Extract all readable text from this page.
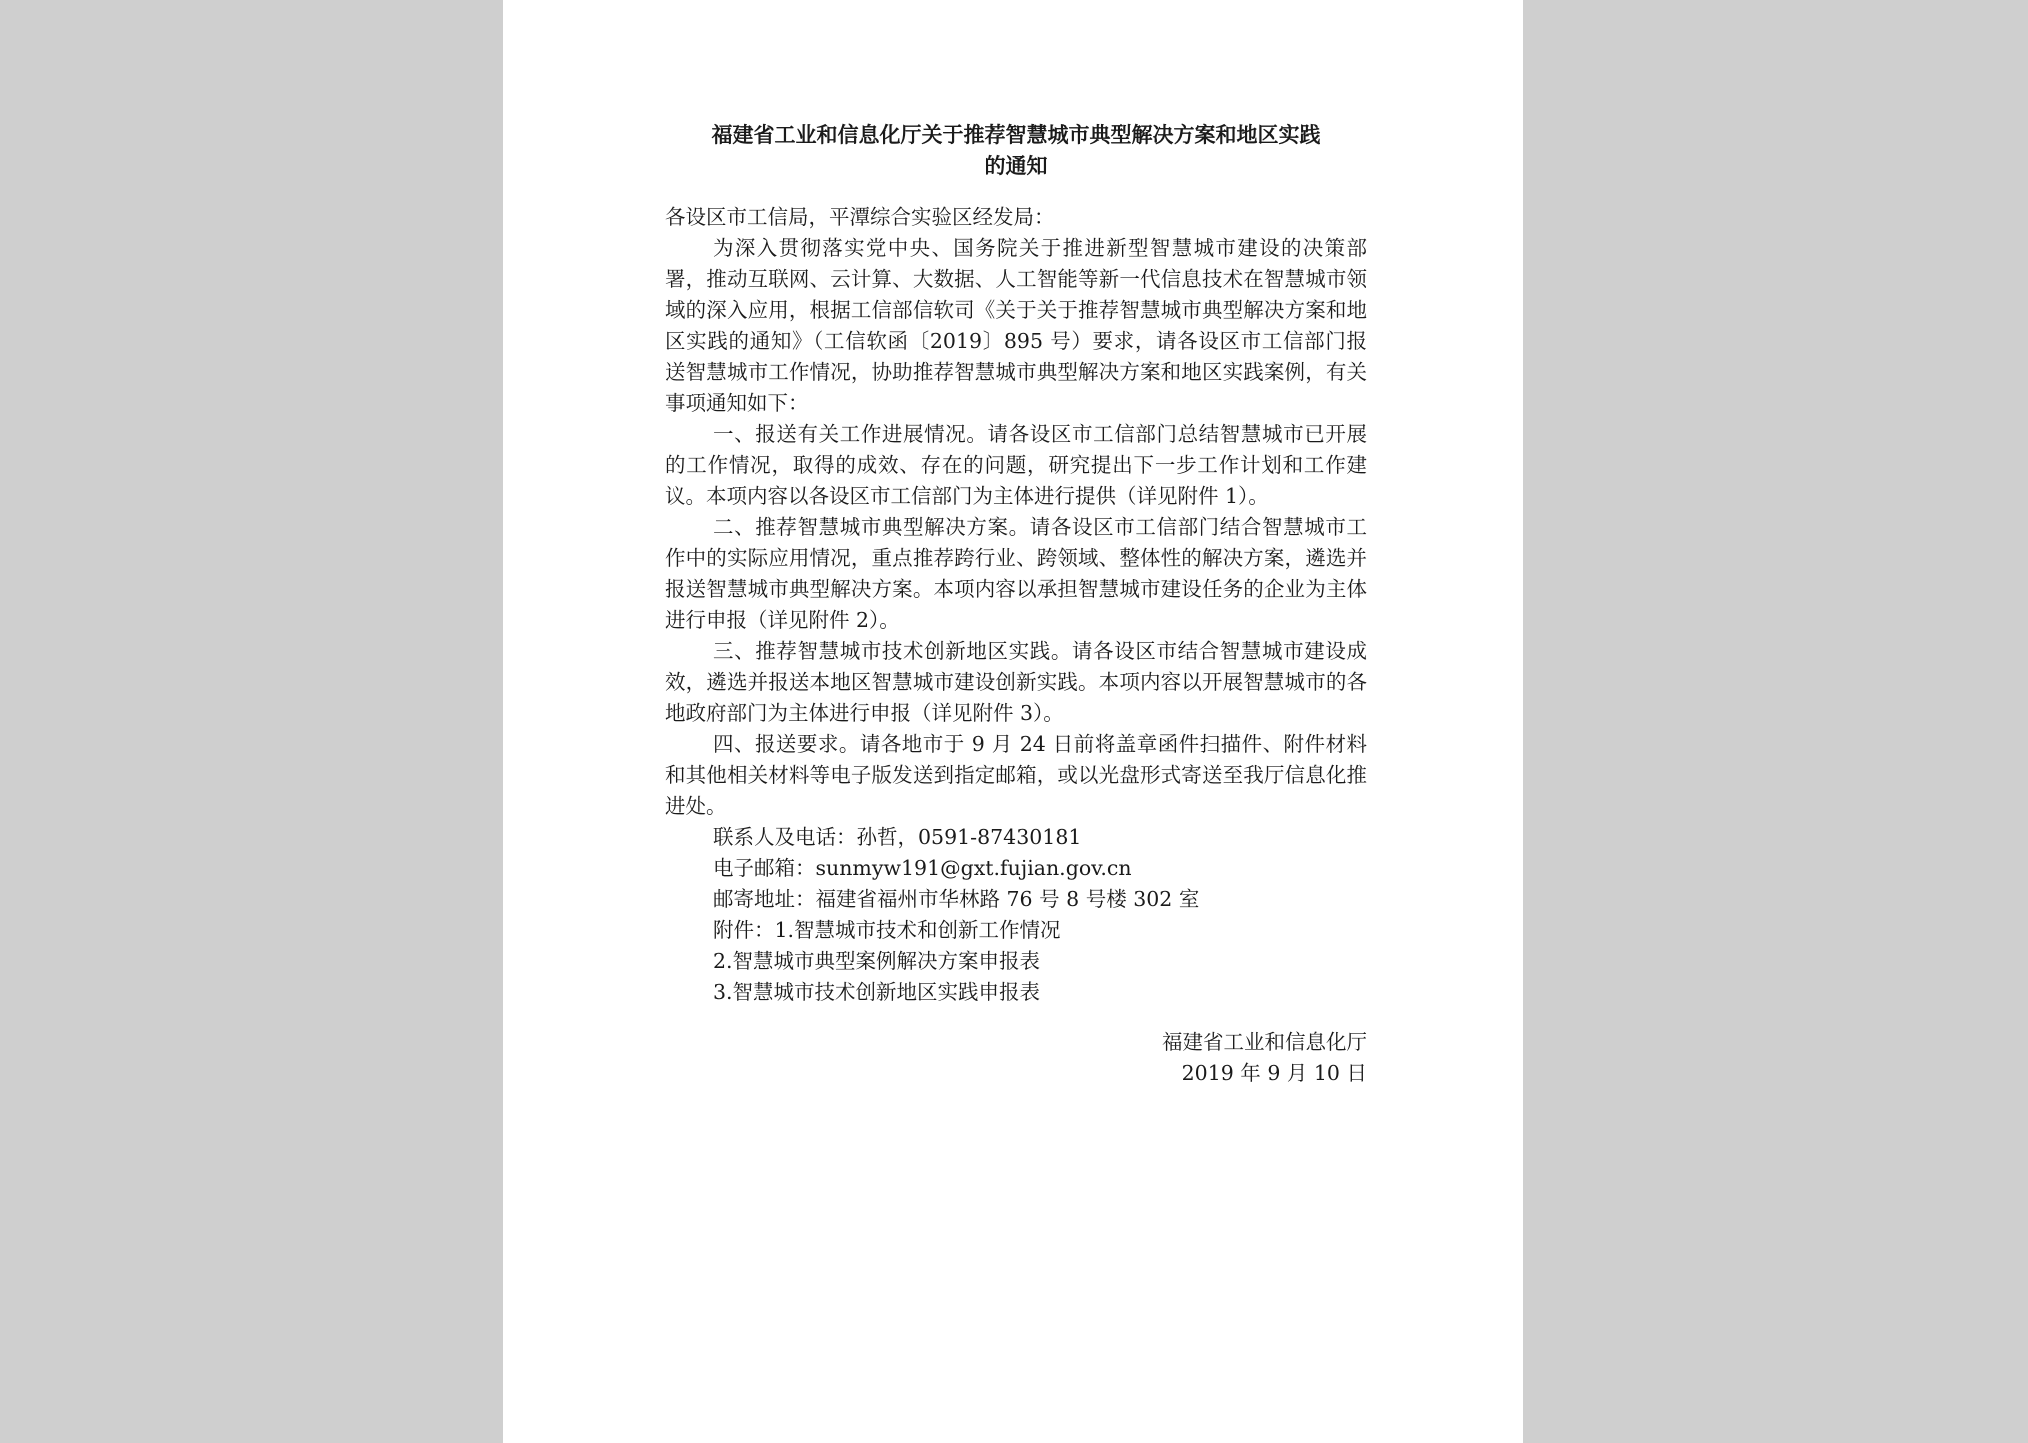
福建省工业和信息化厅关于推荐智慧城市典型解决方案和地区实践
的通知

各设区市工信局，平潭综合实验区经发局：

为深入贯彻落实党中央、国务院关于推进新型智慧城市建设的决策部署，推动互联网、云计算、大数据、人工智能等新一代信息技术在智慧城市领域的深入应用，根据工信部信软司《关于关于推荐智慧城市典型解决方案和地区实践的通知》（工信软函〔2019〕895 号）要求，请各设区市工信部门报送智慧城市工作情况，协助推荐智慧城市典型解决方案和地区实践案例，有关事项通知如下：

一、报送有关工作进展情况。请各设区市工信部门总结智慧城市已开展的工作情况，取得的成效、存在的问题，研究提出下一步工作计划和工作建议。本项内容以各设区市工信部门为主体进行提供（详见附件 1）。

二、推荐智慧城市典型解决方案。请各设区市工信部门结合智慧城市工作中的实际应用情况，重点推荐跨行业、跨领域、整体性的解决方案，遴选并报送智慧城市典型解决方案。本项内容以承担智慧城市建设任务的企业为主体进行申报（详见附件 2）。

三、推荐智慧城市技术创新地区实践。请各设区市结合智慧城市建设成效，遴选并报送本地区智慧城市建设创新实践。本项内容以开展智慧城市的各地政府部门为主体进行申报（详见附件 3）。

四、报送要求。请各地市于 9 月 24 日前将盖章函件扫描件、附件材料和其他相关材料等电子版发送到指定邮箱，或以光盘形式寄送至我厅信息化推进处。

联系人及电话：孙哲，0591-87430181

电子邮箱：sunmyw191@gxt.fujian.gov.cn

邮寄地址：福建省福州市华林路 76 号 8 号楼 302 室

附件：1.智慧城市技术和创新工作情况

2.智慧城市典型案例解决方案申报表

3.智慧城市技术创新地区实践申报表

福建省工业和信息化厅

2019 年 9 月 10 日
